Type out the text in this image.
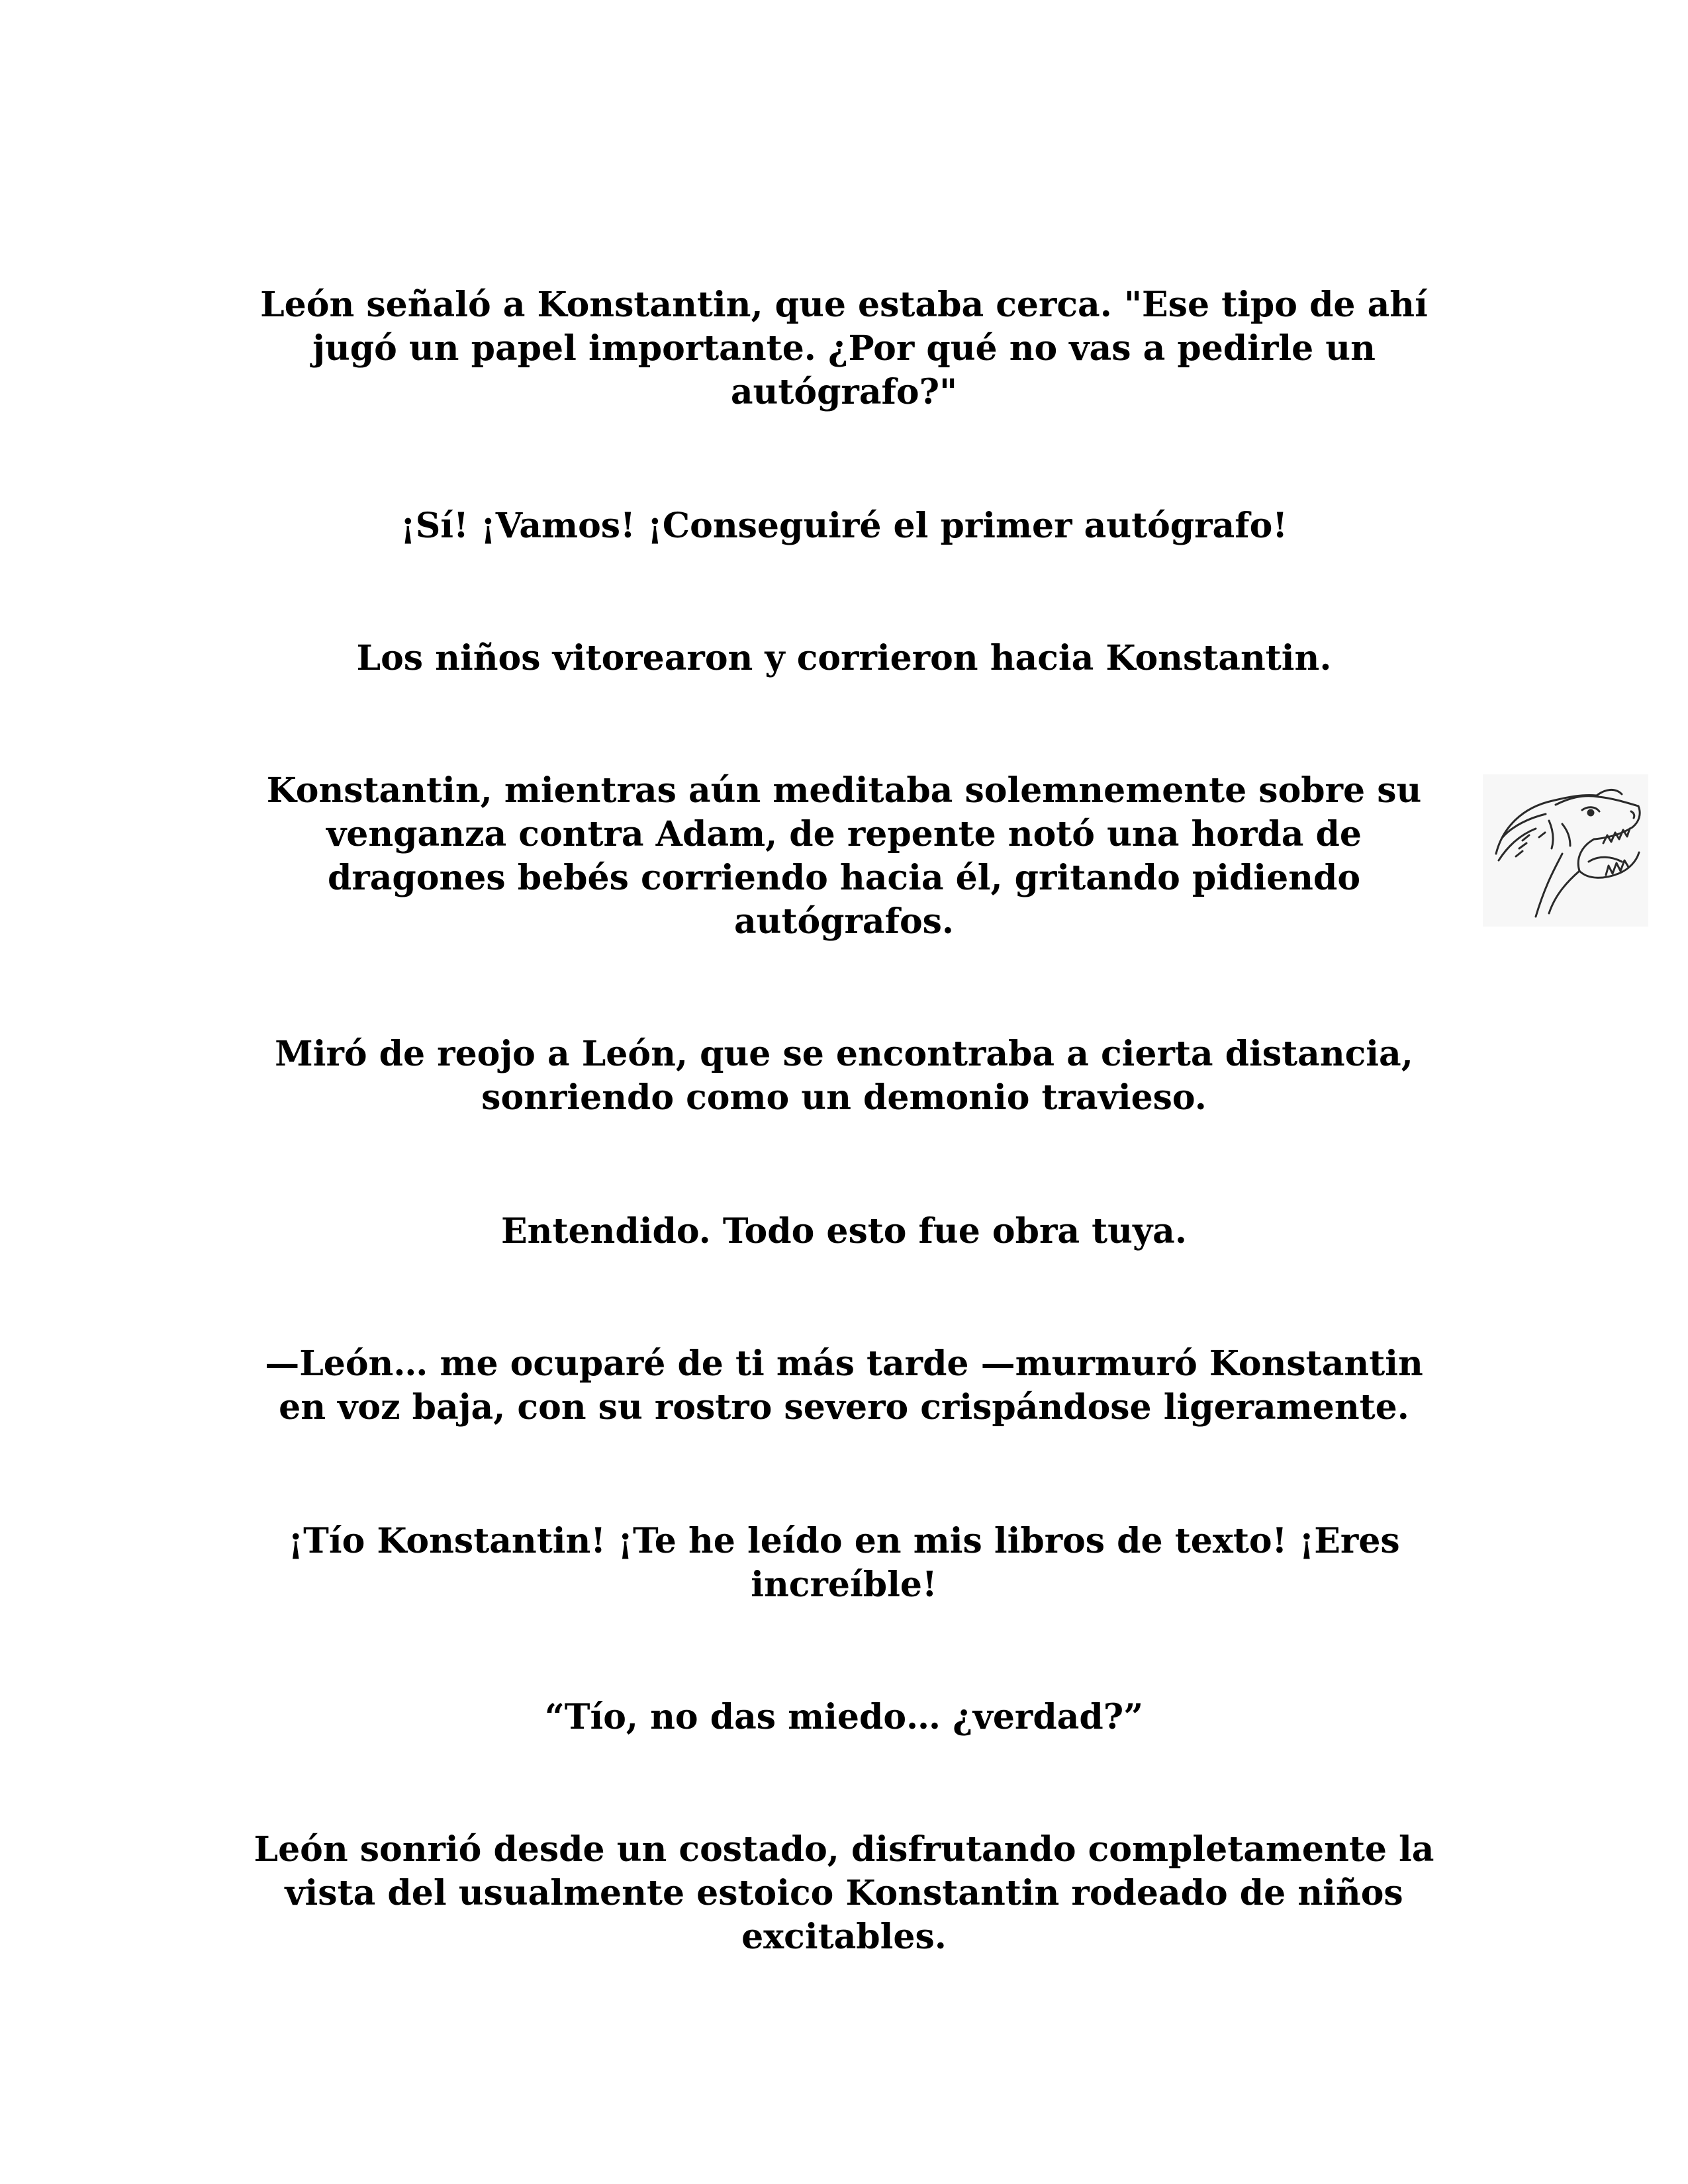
León señaló a Konstantin, que estaba cerca. "Ese tipo de ahí jugó un papel importante. ¿Por qué no vas a pedirle un autógrafo?"

¡Sí! ¡Vamos! ¡Conseguiré el primer autógrafo!

Los niños vitorearon y corrieron hacia Konstantin.

Konstantin, mientras aún meditaba solemnemente sobre su venganza contra Adam, de repente notó una horda de dragones bebés corriendo hacia él, gritando pidiendo autógrafos.

Miró de reojo a León, que se encontraba a cierta distancia, sonriendo como un demonio travieso.

Entendido. Todo esto fue obra tuya.

—León… me ocuparé de ti más tarde —murmuró Konstantin en voz baja, con su rostro severo crispándose ligeramente.

¡Tío Konstantin! ¡Te he leído en mis libros de texto! ¡Eres increíble!

“Tío, no das miedo… ¿verdad?”

León sonrió desde un costado, disfrutando completamente la vista del usualmente estoico Konstantin rodeado de niños excitables.
